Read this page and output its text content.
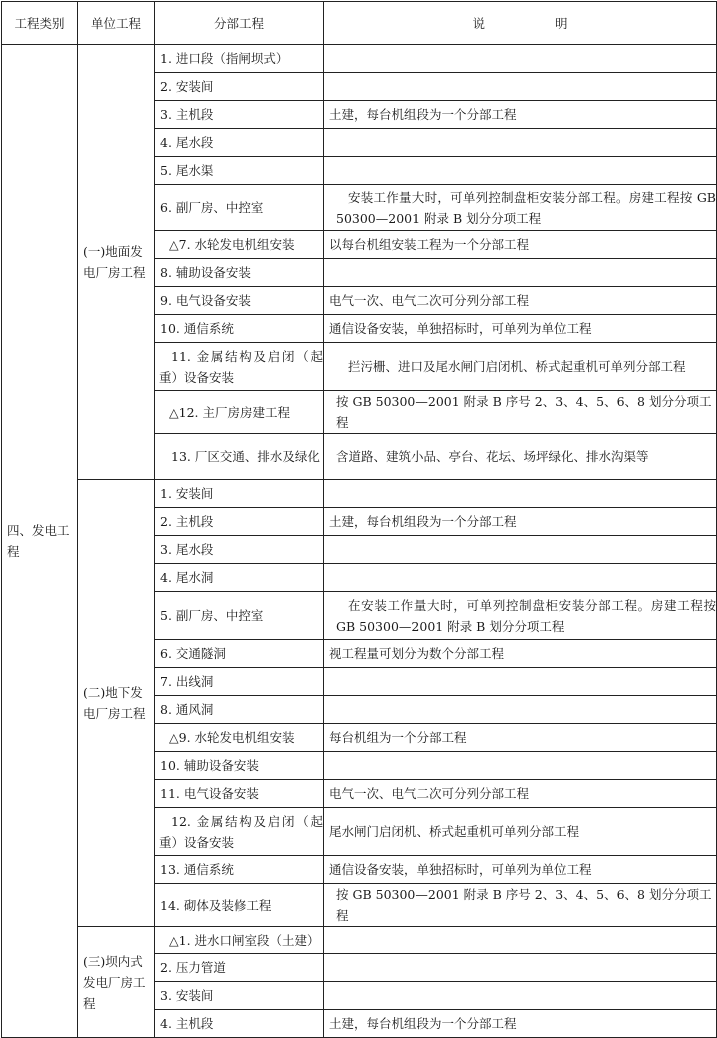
工程类别	单位工程	分部工程	说 明
四、发电工程	(一)地面发电厂房工程	1. 进口段（指闸坝式）	
		2. 安装间	
		3. 主机段	土建，每台机组段为一个分部工程
		4. 尾水段	
		5. 尾水渠	
		6. 副厂房、中控室	安装工作量大时，可单列控制盘柜安装分部工程。房建工程按 GB 50300—2001 附录 B 划分分项工程
		△7. 水轮发电机组安装	以每台机组安装工程为一个分部工程
		8. 辅助设备安装	
		9. 电气设备安装	电气一次、电气二次可分列分部工程
		10. 通信系统	通信设备安装，单独招标时，可单列为单位工程
		11. 金属结构及启闭（起重）设备安装	拦污栅、进口及尾水闸门启闭机、桥式起重机可单列分部工程
		△12. 主厂房房建工程	按 GB 50300—2001 附录 B 序号 2、3、4、5、6、8 划分分项工程
		13. 厂区交通、排水及绿化	含道路、建筑小品、亭台、花坛、场坪绿化、排水沟渠等
	(二)地下发电厂房工程	1. 安装间	
		2. 主机段	土建，每台机组段为一个分部工程
		3. 尾水段	
		4. 尾水洞	
		5. 副厂房、中控室	在安装工作量大时，可单列控制盘柜安装分部工程。房建工程按 GB 50300—2001 附录 B 划分分项工程
		6. 交通隧洞	视工程量可划分为数个分部工程
		7. 出线洞	
		8. 通风洞	
		△9. 水轮发电机组安装	每台机组为一个分部工程
		10. 辅助设备安装	
		11. 电气设备安装	电气一次、电气二次可分列分部工程
		12. 金属结构及启闭（起重）设备安装	尾水闸门启闭机、桥式起重机可单列分部工程
		13. 通信系统	通信设备安装，单独招标时，可单列为单位工程
		14. 砌体及装修工程	按 GB 50300—2001 附录 B 序号 2、3、4、5、6、8 划分分项工程
	(三)坝内式发电厂房工程	△1. 进水口闸室段（土建）	
		2. 压力管道	
		3. 安装间	
		4. 主机段	土建，每台机组段为一个分部工程
